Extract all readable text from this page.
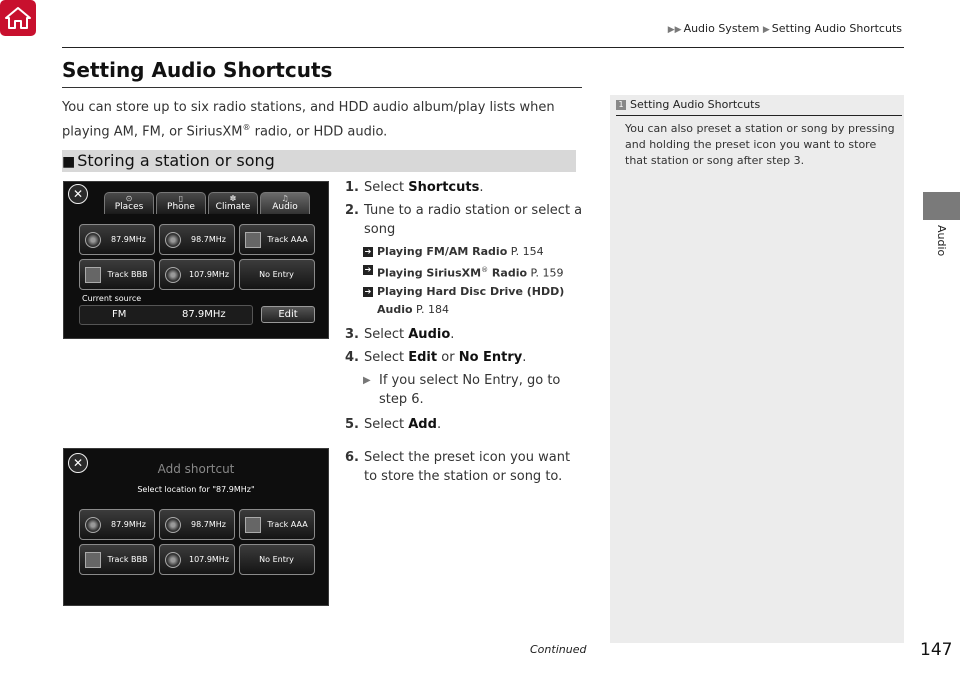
▶▶ Audio System ▶ Setting Audio Shortcuts
Audio
Setting Audio Shortcuts
You can store up to six radio stations, and HDD audio album/play lists when playing AM, FM, or SiriusXM® radio, or HDD audio.
■ Storing a station or song
✕	⊙
Places
▯
Phone
✽
Climate
♫
Audio
87.9MHz	98.7MHz	Track AAA
Track BBB	107.9MHz	No Entry
Current source
FM	87.9MHz	Edit
✕	Add shortcut
Select location for "87.9MHz"
87.9MHz	98.7MHz	Track AAA
Track BBB	107.9MHz	No Entry
1. Select Shortcuts.
2. Tune to a radio station or select a song
➔ Playing FM/AM Radio P. 154
➔ Playing SiriusXM® Radio P. 159
➔ Playing Hard Disc Drive (HDD) Audio P. 184
3. Select Audio.
4. Select Edit or No Entry.
▶ If you select No Entry, go to step 6.
5. Select Add.
6. Select the preset icon you want to store the station or song to.
1 Setting Audio Shortcuts
You can also preset a station or song by pressing and holding the preset icon you want to store that station or song after step 3.
Continued	147
